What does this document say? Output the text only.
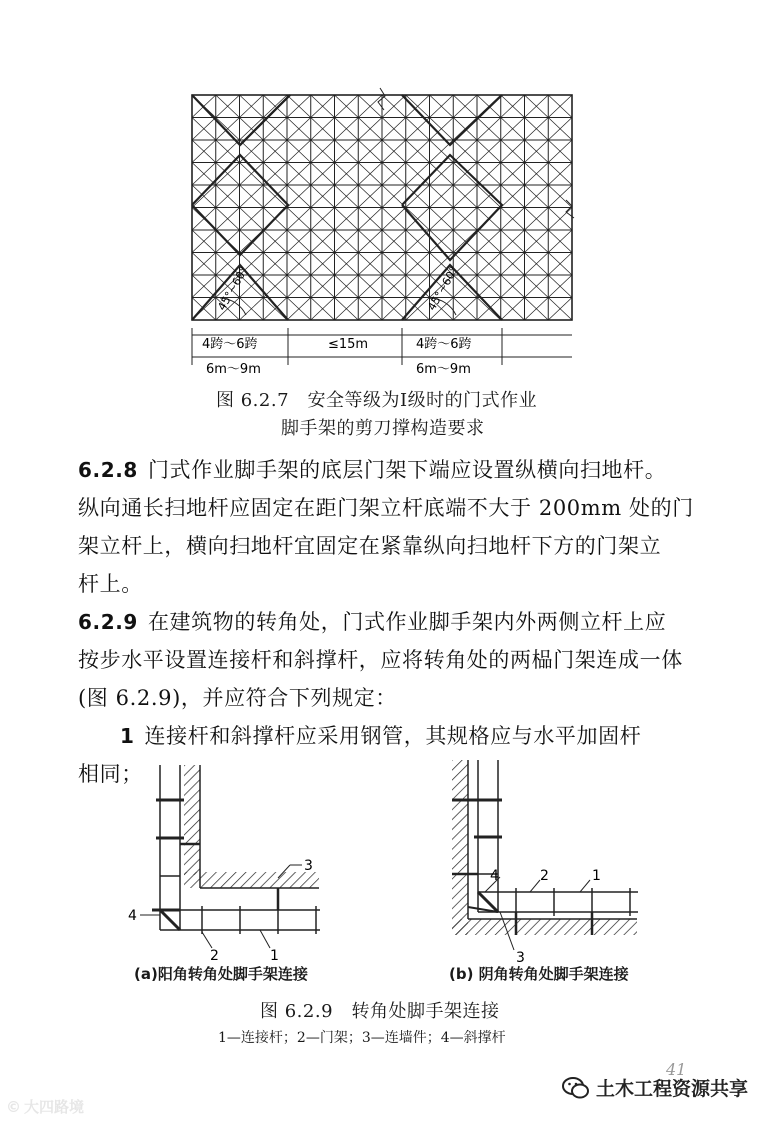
45°~60°	45°~60°
4跨～6跨	≤15m	4跨～6跨
6m～9m	6m～9m
图 6.2.7　安全等级为Ⅰ级时的门式作业
脚手架的剪刀撑构造要求
6.2.8 门式作业脚手架的底层门架下端应设置纵横向扫地杆。
纵向通长扫地杆应固定在距门架立杆底端不大于 200mm 处的门
架立杆上，横向扫地杆宜固定在紧靠纵向扫地杆下方的门架立
杆上。
6.2.9 在建筑物的转角处，门式作业脚手架内外两侧立杆上应
按步水平设置连接杆和斜撑杆，应将转角处的两榀门架连成一体
(图 6.2.9)，并应符合下列规定：
1 连接杆和斜撑杆应采用钢管，其规格应与水平加固杆
相同；
4
2	1
3
(a)阳角转角处脚手架连接
4	2	1
3
(b) 阴角转角处脚手架连接
图 6.2.9　转角处脚手架连接
1—连接杆；2—门架；3—连墙件；4—斜撑杆
41
土木工程资源共享
© 大四路境
